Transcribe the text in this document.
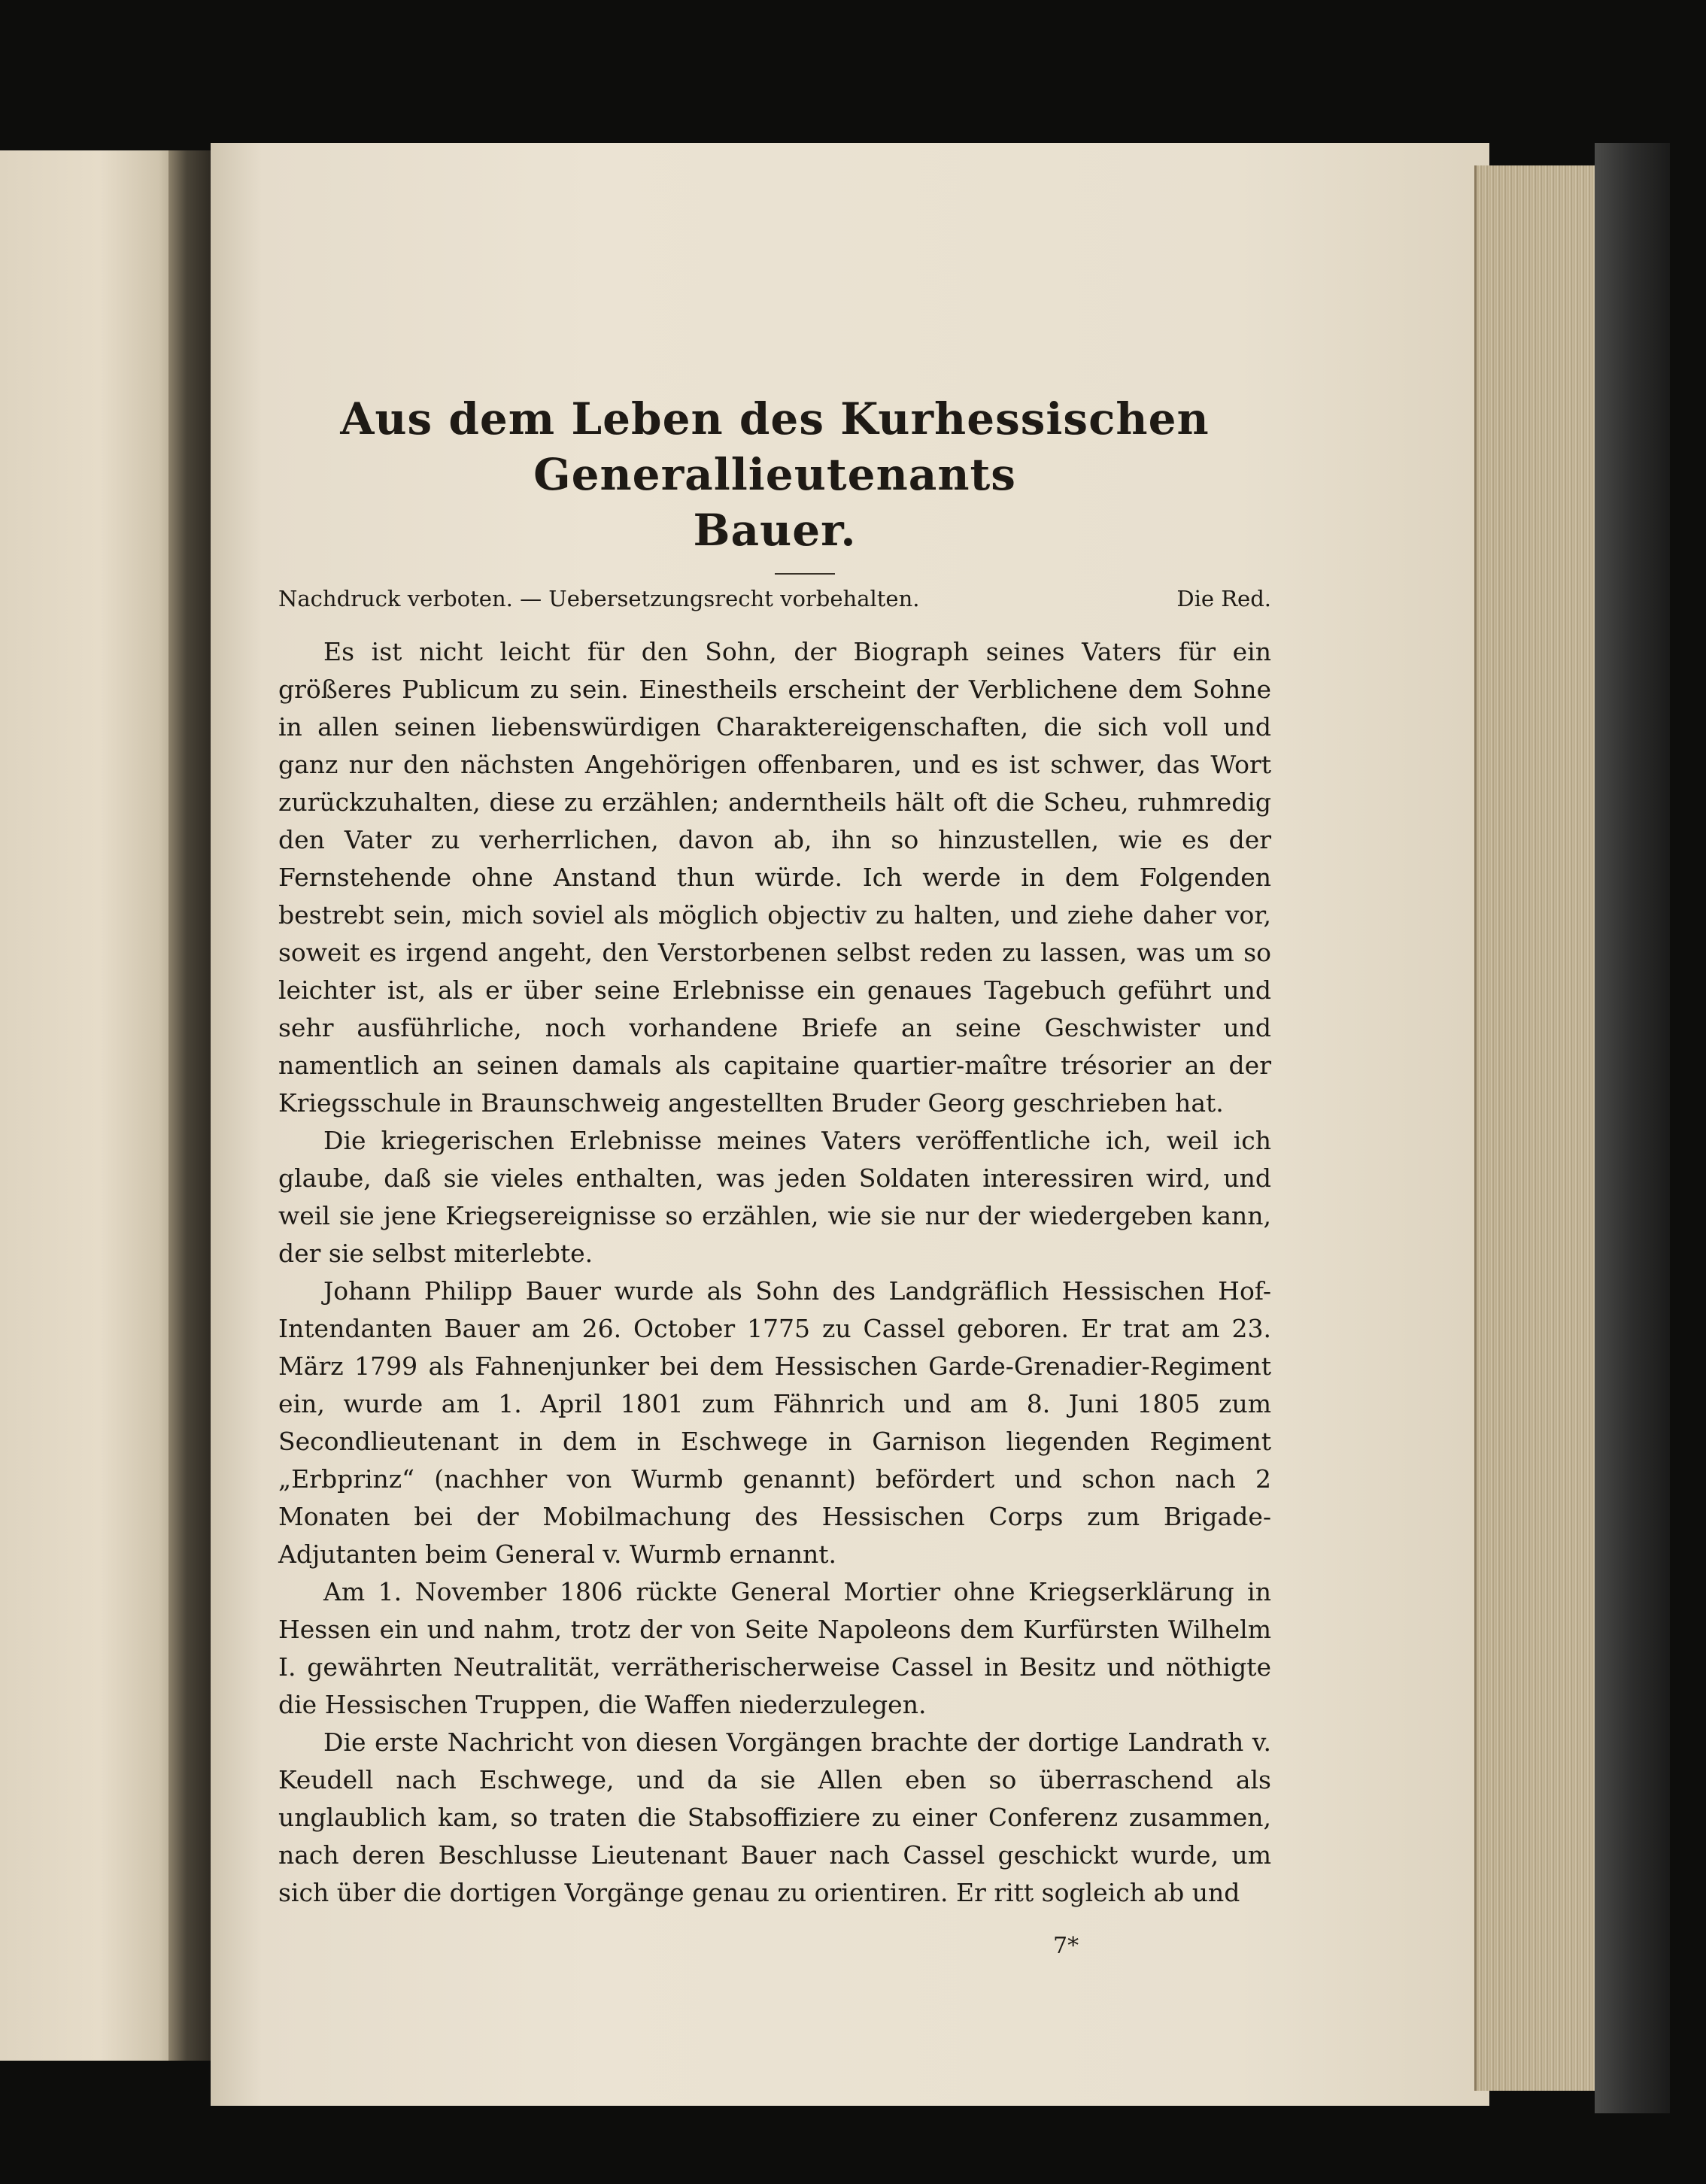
Aus dem Leben des Kurhessischen Generallieutenants
Bauer.
Nachdruck verboten. — Uebersetzungsrecht vorbehalten.	Die Red.

Es ist nicht leicht für den Sohn, der Biograph seines Vaters für ein größeres Publicum zu sein. Einestheils erscheint der Verblichene dem Sohne in allen seinen liebenswürdigen Charaktereigenschaften, die sich voll und ganz nur den nächsten Angehörigen offenbaren, und es ist schwer, das Wort zurückzuhalten, diese zu erzählen; anderntheils hält oft die Scheu, ruhmredig den Vater zu verherrlichen, davon ab, ihn so hinzustellen, wie es der Fernstehende ohne Anstand thun würde. Ich werde in dem Folgenden bestrebt sein, mich soviel als möglich objectiv zu halten, und ziehe daher vor, soweit es irgend angeht, den Verstorbenen selbst reden zu lassen, was um so leichter ist, als er über seine Erlebnisse ein genaues Tagebuch geführt und sehr ausführliche, noch vorhandene Briefe an seine Geschwister und namentlich an seinen damals als capitaine quartier-maître trésorier an der Kriegsschule in Braunschweig angestellten Bruder Georg geschrieben hat.

Die kriegerischen Erlebnisse meines Vaters veröffentliche ich, weil ich glaube, daß sie vieles enthalten, was jeden Soldaten interessiren wird, und weil sie jene Kriegsereignisse so erzählen, wie sie nur der wiedergeben kann, der sie selbst miterlebte.

Johann Philipp Bauer wurde als Sohn des Landgräflich Hessischen Hof-Intendanten Bauer am 26. October 1775 zu Cassel geboren. Er trat am 23. März 1799 als Fahnenjunker bei dem Hessischen Garde-Grenadier-Regiment ein, wurde am 1. April 1801 zum Fähnrich und am 8. Juni 1805 zum Secondlieutenant in dem in Eschwege in Garnison liegenden Regiment „Erbprinz“ (nachher von Wurmb genannt) befördert und schon nach 2 Monaten bei der Mobilmachung des Hessischen Corps zum Brigade-Adjutanten beim General v. Wurmb ernannt.

Am 1. November 1806 rückte General Mortier ohne Kriegserklärung in Hessen ein und nahm, trotz der von Seite Napoleons dem Kurfürsten Wilhelm I. gewährten Neutralität, verrätherischerweise Cassel in Besitz und nöthigte die Hessischen Truppen, die Waffen niederzulegen.

Die erste Nachricht von diesen Vorgängen brachte der dortige Landrath v. Keudell nach Eschwege, und da sie Allen eben so überraschend als unglaublich kam, so traten die Stabsoffiziere zu einer Conferenz zusammen, nach deren Beschlusse Lieutenant Bauer nach Cassel geschickt wurde, um sich über die dortigen Vorgänge genau zu orientiren. Er ritt sogleich ab und

7*
